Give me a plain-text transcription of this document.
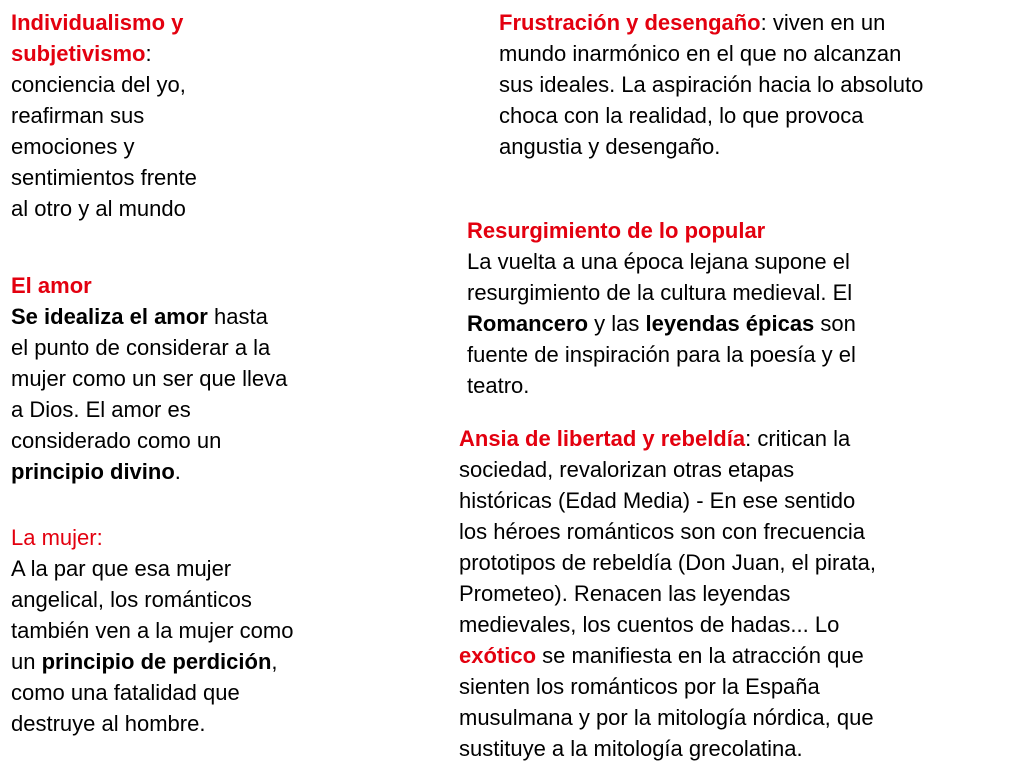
Individualismo y
subjetivismo:
conciencia del yo,
reafirman sus
emociones y
sentimientos frente
al otro y al mundo
El amor
Se idealiza el amor hasta
el punto de considerar a la
mujer como un ser que lleva
a Dios. El amor es
considerado como un
principio divino.
La mujer:
A la par que esa mujer
angelical, los románticos
también ven a la mujer como
un principio de perdición,
como una fatalidad que
destruye al hombre.
Frustración y desengaño: viven en un
mundo inarmónico en el que no alcanzan
sus ideales. La aspiración hacia lo absoluto
choca con la realidad, lo que provoca
angustia y desengaño.
Resurgimiento de lo popular
La vuelta a una época lejana supone el
resurgimiento de la cultura medieval. El
Romancero y las leyendas épicas son
fuente de inspiración para la poesía y el
teatro.
Ansia de libertad y rebeldía: critican la
sociedad, revalorizan otras etapas
históricas (Edad Media) - En ese sentido
los héroes románticos son con frecuencia
prototipos de rebeldía (Don Juan, el pirata,
Prometeo). Renacen las leyendas
medievales, los cuentos de hadas... Lo
exótico se manifiesta en la atracción que
sienten los románticos por la España
musulmana y por la mitología nórdica, que
sustituye a la mitología grecolatina.
